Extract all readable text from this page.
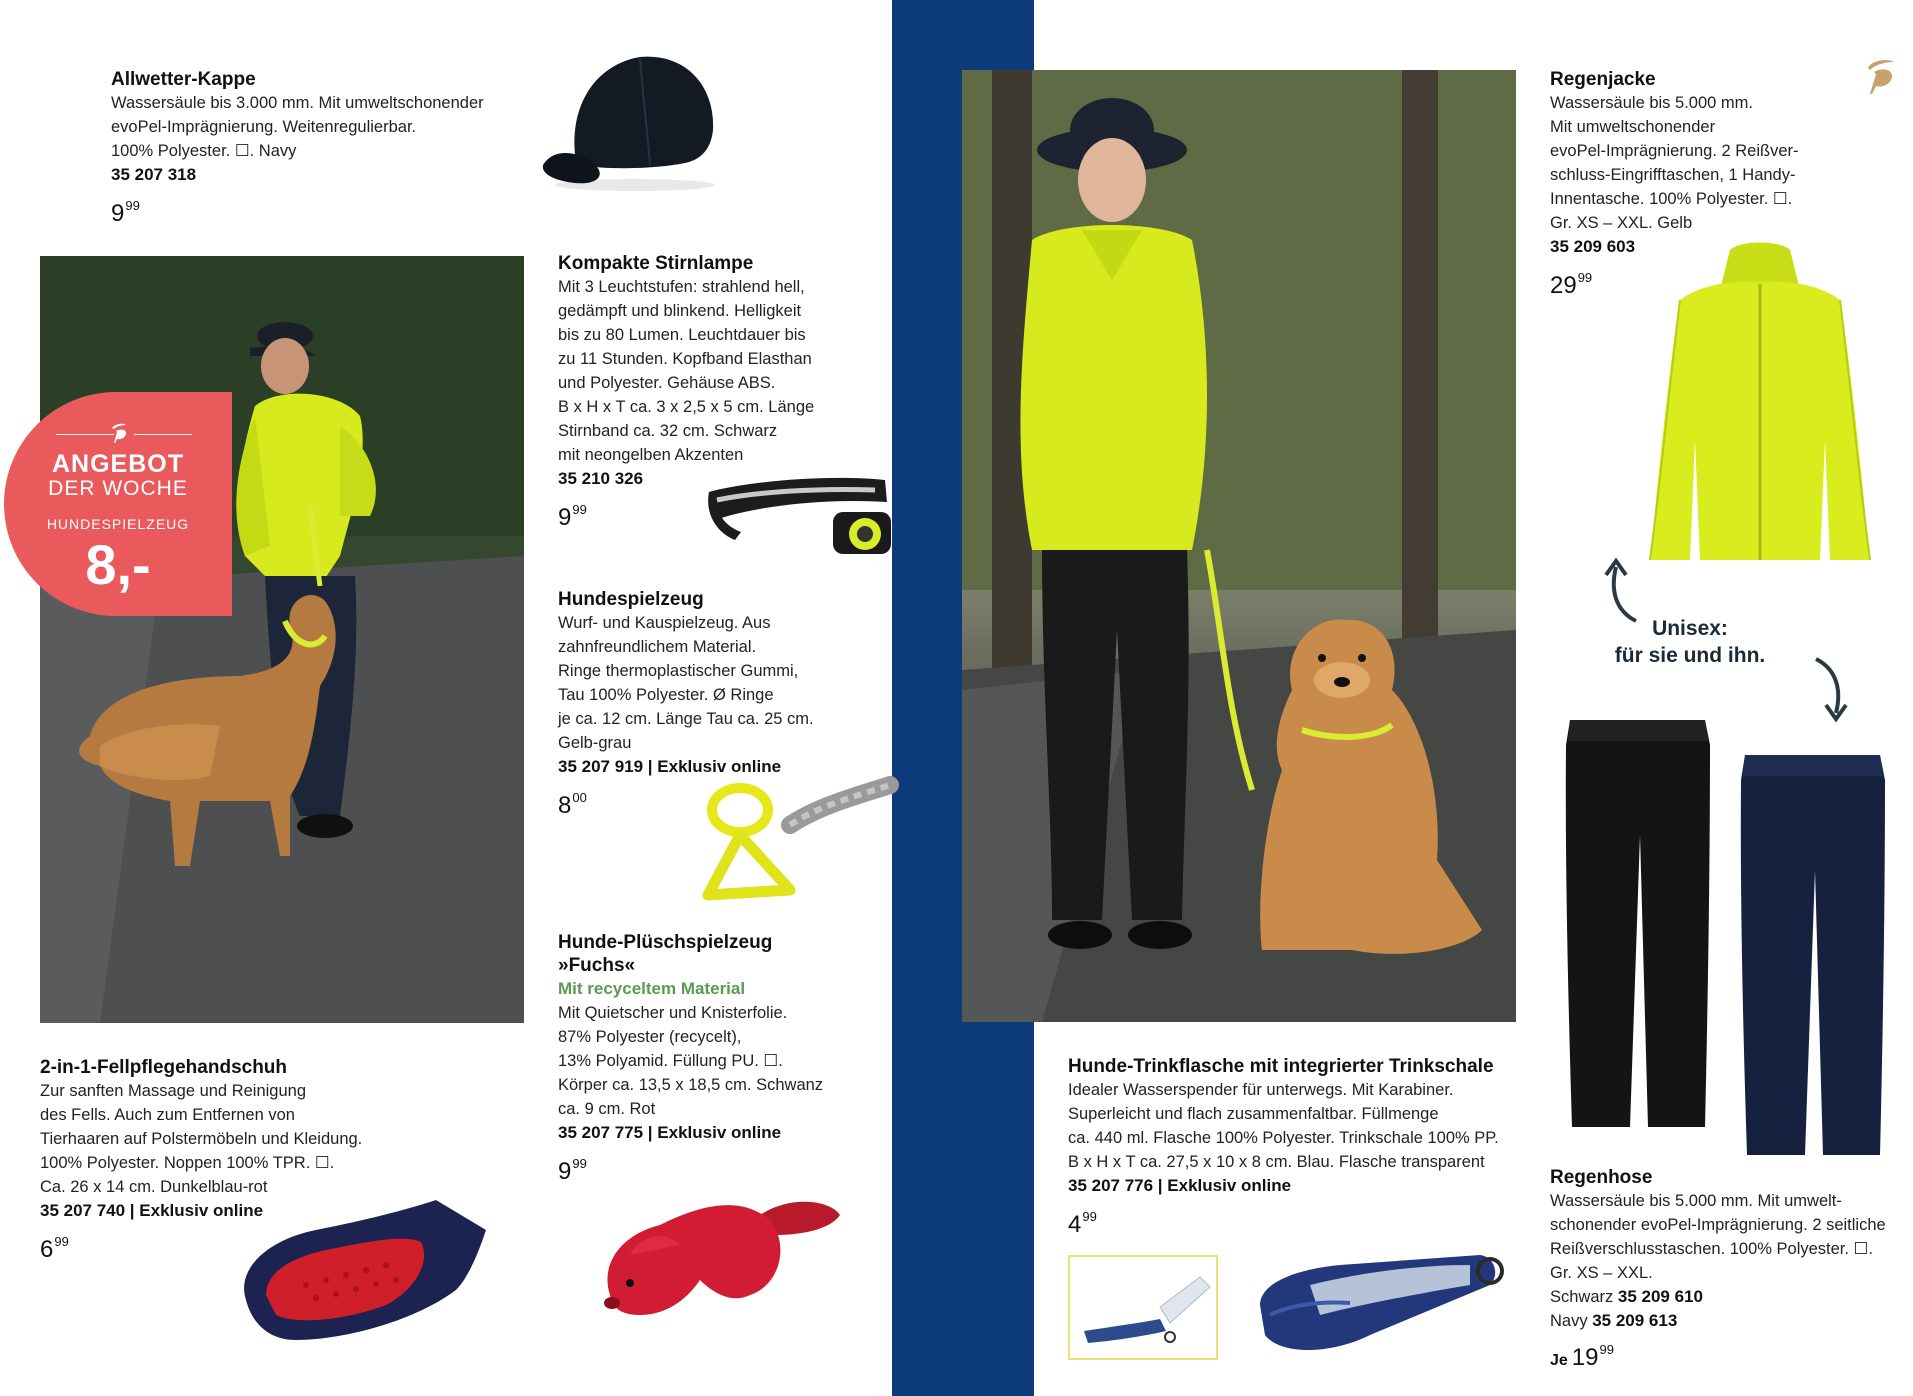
Allwetter-Kappe

Wassersäule bis 3.000 mm. Mit umweltschonender

evoPel-Imprägnierung. Weitenregulierbar.

100% Polyester. ☐. Navy

35 207 318
$9^{99}$
ANGEBOT
DER WOCHE
HUNDESPIELZEUG
8,-
Kompakte Stirnlampe

Mit 3 Leuchtstufen: strahlend hell,

gedämpft und blinkend. Helligkeit

bis zu 80 Lumen. Leuchtdauer bis

zu 11 Stunden. Kopfband Elasthan

und Polyester. Gehäuse ABS.

B x H x T ca. 3 x 2,5 x 5 cm. Länge

Stirnband ca. 32 cm. Schwarz

mit neongelben Akzenten

35 210 326
$9^{99}$
Hundespielzeug

Wurf- und Kauspielzeug. Aus

zahnfreundlichem Material.

Ringe thermoplastischer Gummi,

Tau 100% Polyester. Ø Ringe

je ca. 12 cm. Länge Tau ca. 25 cm.

Gelb-grau

35 207 919 | Exklusiv online
$8^{00}$
Hunde-Plüschspielzeug
»Fuchs«
Mit recyceltem Material

Mit Quietscher und Knisterfolie.

87% Polyester (recycelt),

13% Polyamid. Füllung PU. ☐.

Körper ca. 13,5 x 18,5 cm. Schwanz

ca. 9 cm. Rot

35 207 775 | Exklusiv online
$9^{99}$
2-in-1-Fellpflegehandschuh

Zur sanften Massage und Reinigung

des Fells. Auch zum Entfernen von

Tierhaaren auf Polstermöbeln und Kleidung.

100% Polyester. Noppen 100% TPR. ☐.

Ca. 26 x 14 cm. Dunkelblau-rot

35 207 740 | Exklusiv online
$6^{99}$
Hunde-Trinkflasche mit integrierter Trinkschale

Idealer Wasserspender für unterwegs. Mit Karabiner.

Superleicht und flach zusammenfaltbar. Füllmenge

ca. 440 ml. Flasche 100% Polyester. Trinkschale 100% PP.

B x H x T ca. 27,5 x 10 x 8 cm. Blau. Flasche transparent

35 207 776 | Exklusiv online
$4^{99}$
Regenjacke

Wassersäule bis 5.000 mm.

Mit umweltschonender

evoPel-Imprägnierung. 2 Reißver-

schluss-Eingrifftaschen, 1 Handy-

Innentasche. 100% Polyester. ☐.

Gr. XS – XXL. Gelb

35 209 603
$29^{99}$
Unisex:
für sie und ihn.
Regenhose

Wassersäule bis 5.000 mm. Mit umwelt-

schonender evoPel-Imprägnierung. 2 seitliche

Reißverschlusstaschen. 100% Polyester. ☐.

Gr. XS – XXL.

Schwarz 35 209 610

Navy 35 209 613

Je $19^{99}$
